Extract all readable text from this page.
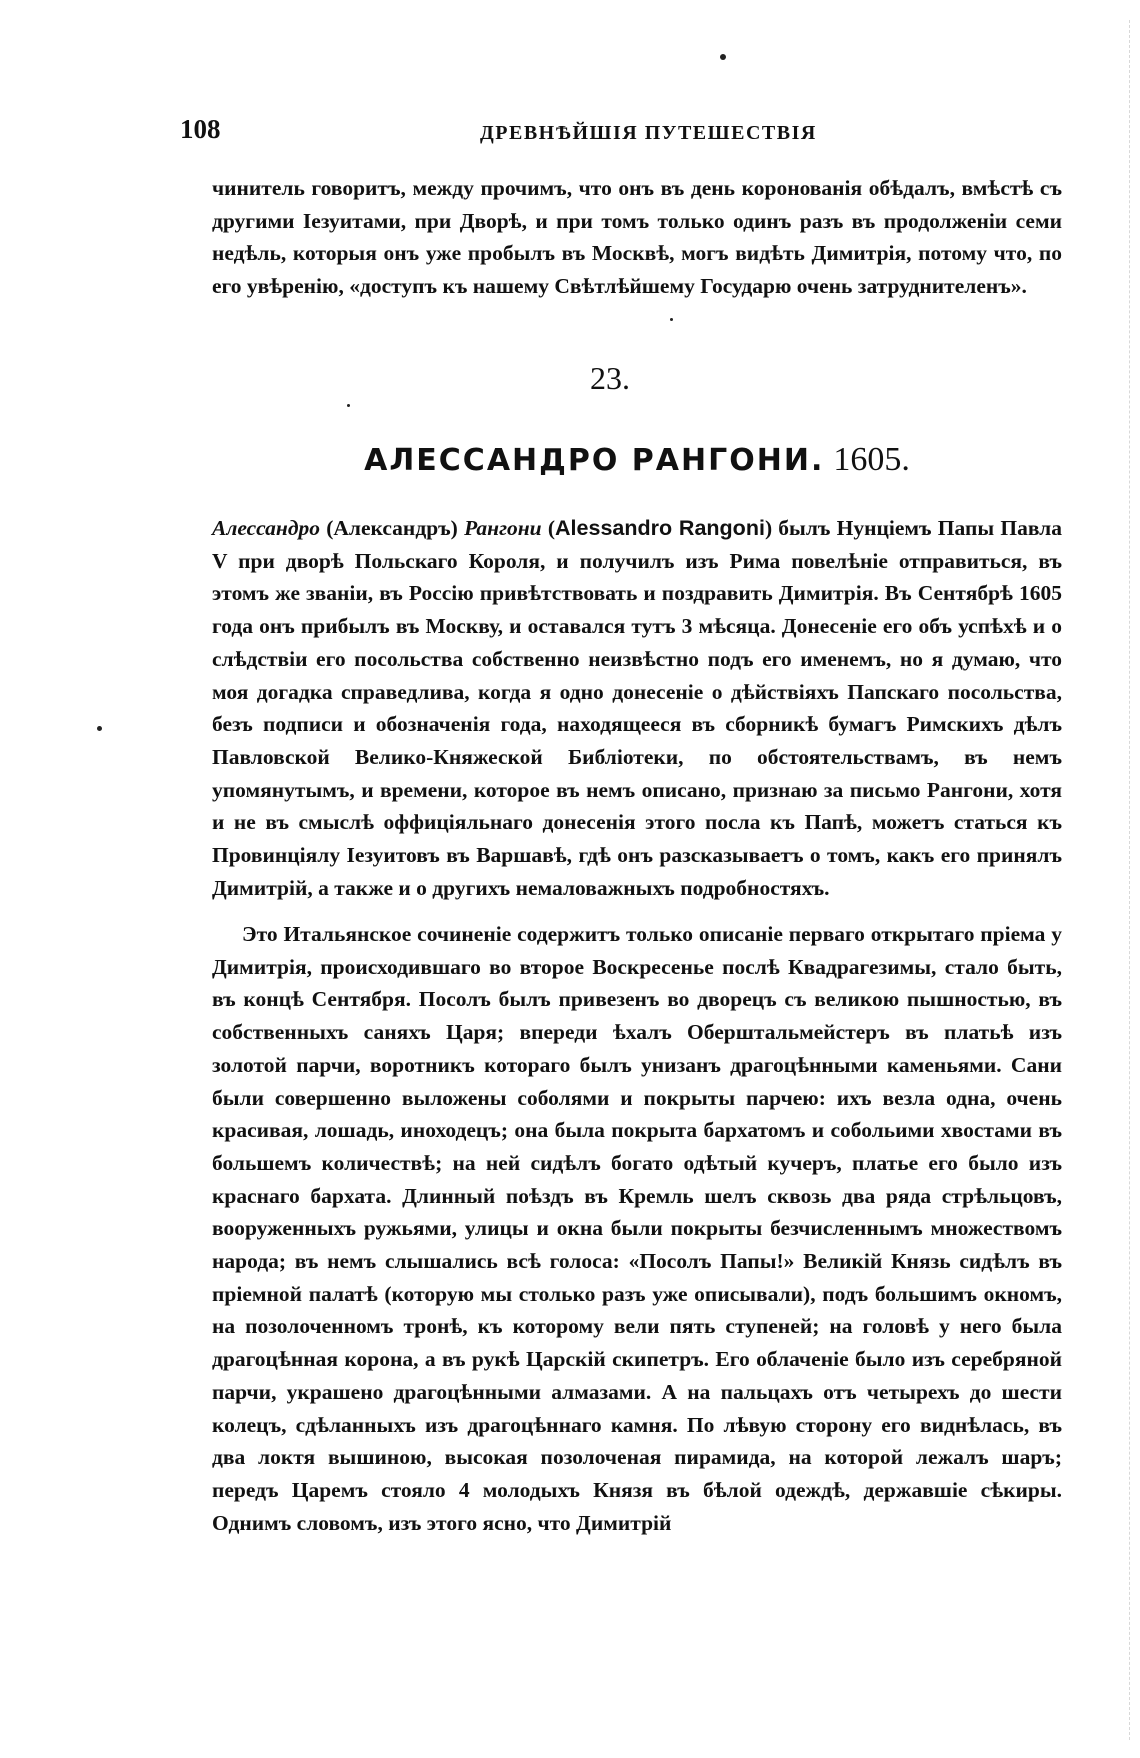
108	ДРЕВНѢЙШІЯ ПУТЕШЕСТВІЯ

чинитель говоритъ, между прочимъ, что онъ въ день коронованія обѣдалъ, вмѣстѣ съ другими Іезуитами, при Дворѣ, и при томъ только одинъ разъ въ продолженіи семи недѣль, которыя онъ уже пробылъ въ Москвѣ, могъ видѣть Димитрія, потому что, по его увѣренію, «доступъ къ нашему Свѣтлѣйшему Государю очень затруднителенъ».

23.

АЛЕССАНДРО РАНГОНИ. 1605.

Алессандро (Александръ) Рангони (Alessandro Rangoni) былъ Нунціемъ Папы Павла V при дворѣ Польскаго Короля, и получилъ изъ Рима повелѣніе отправиться, въ этомъ же званіи, въ Россію привѣтствовать и поздравить Димитрія. Въ Сентябрѣ 1605 года онъ прибылъ въ Москву, и оставался тутъ 3 мѣсяца. Донесеніе его объ успѣхѣ и о слѣдствіи его посольства собственно неизвѣстно подъ его именемъ, но я думаю, что моя догадка справедлива, когда я одно донесеніе о дѣйствіяхъ Папскаго посольства, безъ подписи и обозначенія года, находящееся въ сборникѣ бумагъ Римскихъ дѣлъ Павловской Велико-Княжеской Библіотеки, по обстоятельствамъ, въ немъ упомянутымъ, и времени, которое въ немъ описано, признаю за письмо Рангони, хотя и не въ смыслѣ оффиціяльнаго донесенія этого посла къ Папѣ, можетъ статься къ Провинціялу Іезуитовъ въ Варшавѣ, гдѣ онъ разсказываетъ о томъ, какъ его принялъ Димитрій, а также и о другихъ немаловажныхъ подробностяхъ.

Это Итальянское сочиненіе содержитъ только описаніе перваго открытаго пріема у Димитрія, происходившаго во второе Воскресенье послѣ Квадрагезимы, стало быть, въ концѣ Сентября. Посолъ былъ привезенъ во дворецъ съ великою пышностью, въ собственныхъ саняхъ Царя; впереди ѣхалъ Оберштальмейстеръ въ платьѣ изъ золотой парчи, воротникъ котораго былъ унизанъ драгоцѣнными каменьями. Сани были совершенно выложены соболями и покрыты парчею: ихъ везла одна, очень красивая, лошадь, иноходецъ; она была покрыта бархатомъ и собольими хвостами въ большемъ количествѣ; на ней сидѣлъ богато одѣтый кучеръ, платье его было изъ краснаго бархата. Длинный поѣздъ въ Кремль шелъ сквозь два ряда стрѣльцовъ, вооруженныхъ ружьями, улицы и окна были покрыты безчисленнымъ множествомъ народа; въ немъ слышались всѣ голоса: «Посолъ Папы!» Великій Князь сидѣлъ въ пріемной палатѣ (которую мы столько разъ уже описывали), подъ большимъ окномъ, на позолоченномъ тронѣ, къ которому вели пять ступеней; на головѣ у него была драгоцѣнная корона, а въ рукѣ Царскій скипетръ. Его облаченіе было изъ серебряной парчи, украшено драгоцѣнными алмазами. А на пальцахъ отъ четырехъ до шести колецъ, сдѣланныхъ изъ драгоцѣннаго камня. По лѣвую сторону его виднѣлась, въ два локтя вышиною, высокая позолоченая пирамида, на которой лежалъ шаръ; передъ Царемъ стояло 4 молодыхъ Князя въ бѣлой одеждѣ, державшіе сѣкиры. Однимъ словомъ, изъ этого ясно, что Димитрій
